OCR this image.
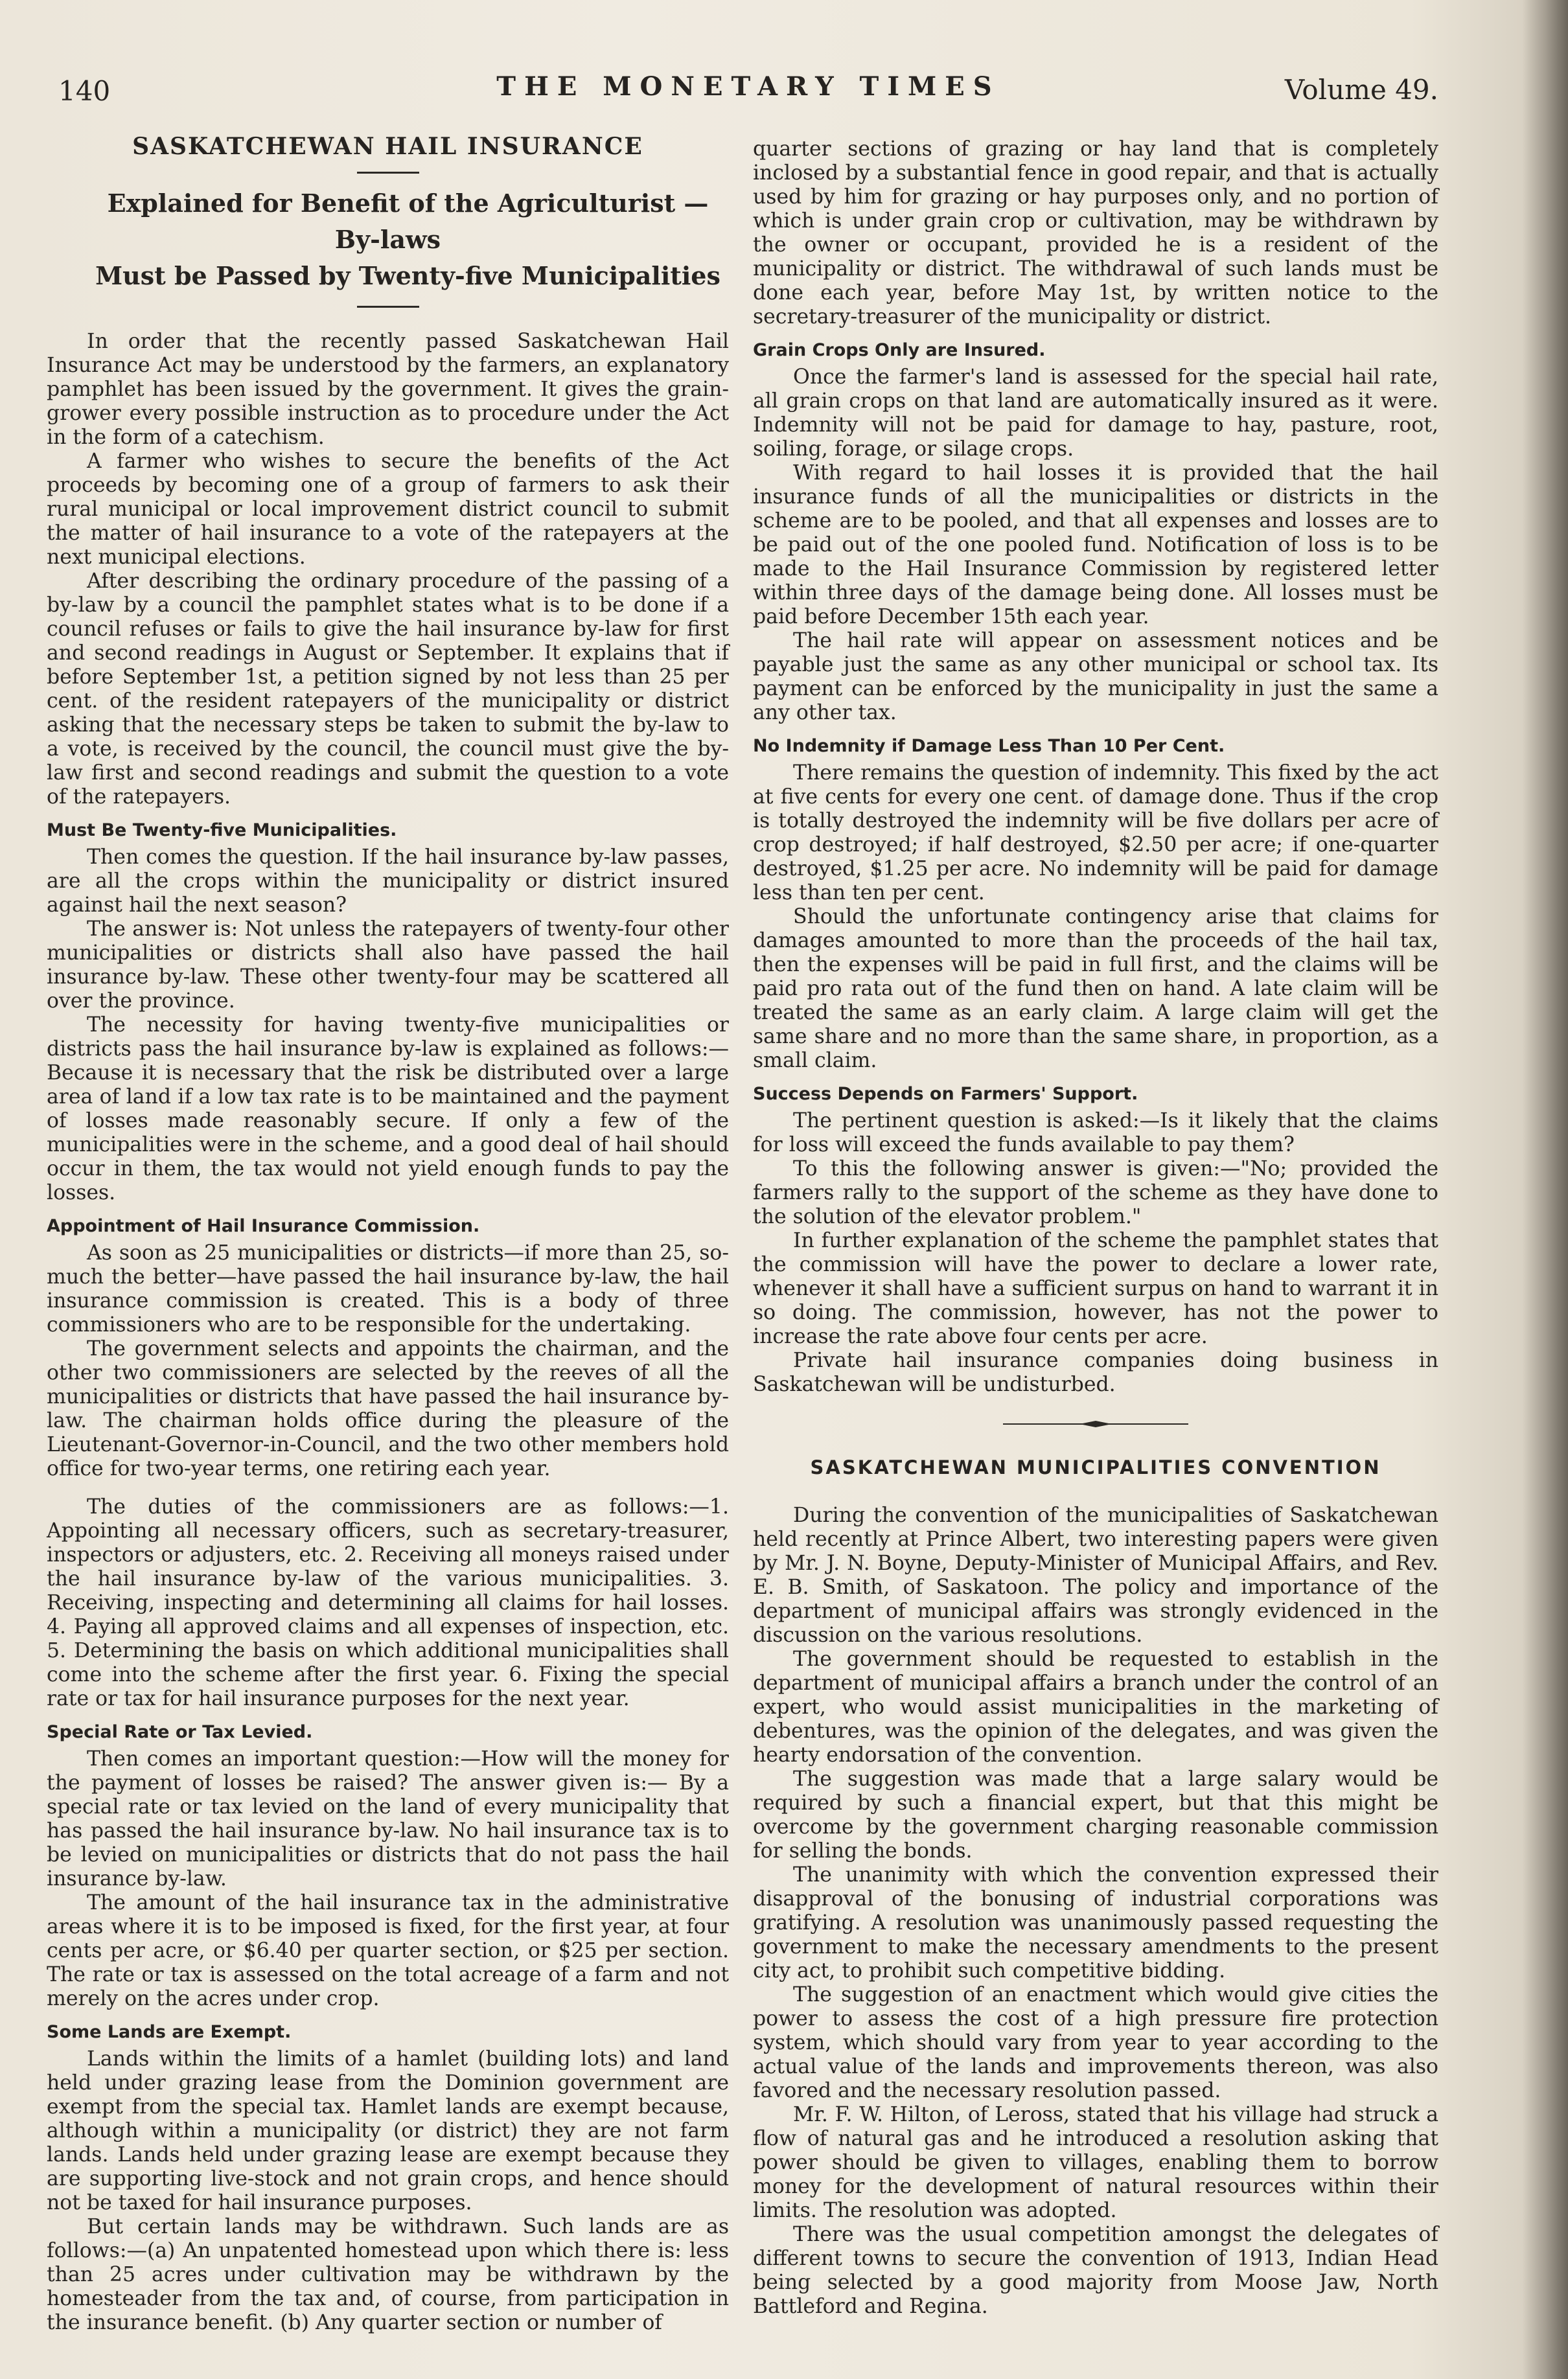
140	THE MONETARY TIMES	Volume 49.
SASKATCHEWAN HAIL INSURANCE

Explained for Benefit of the Agriculturist — By-laws

Must be Passed by Twenty-five Municipalities

In order that the recently passed Saskatchewan Hail Insurance Act may be understood by the farmers, an explanatory pamphlet has been issued by the government. It gives the grain-grower every possible instruction as to procedure under the Act in the form of a catechism.

A farmer who wishes to secure the benefits of the Act proceeds by becoming one of a group of farmers to ask their rural municipal or local improvement district council to submit the matter of hail insurance to a vote of the ratepayers at the next municipal elections.

After describing the ordinary procedure of the passing of a by-law by a council the pamphlet states what is to be done if a council refuses or fails to give the hail insurance by-law for first and second readings in August or September. It explains that if before September 1st, a petition signed by not less than 25 per cent. of the resident ratepayers of the municipality or district asking that the necessary steps be taken to submit the by-law to a vote, is received by the council, the council must give the by-law first and second readings and submit the question to a vote of the ratepayers.

Must Be Twenty-five Municipalities.

Then comes the question. If the hail insurance by-law passes, are all the crops within the municipality or district insured against hail the next season?

The answer is: Not unless the ratepayers of twenty-four other municipalities or districts shall also have passed the hail insurance by-law. These other twenty-four may be scattered all over the province.

The necessity for having twenty-five municipalities or districts pass the hail insurance by-law is explained as follows:— Because it is necessary that the risk be distributed over a large area of land if a low tax rate is to be maintained and the payment of losses made reasonably secure. If only a few of the municipalities were in the scheme, and a good deal of hail should occur in them, the tax would not yield enough funds to pay the losses.

Appointment of Hail Insurance Commission.

As soon as 25 municipalities or districts—if more than 25, so-much the better—have passed the hail insurance by-law, the hail insurance commission is created. This is a body of three commissioners who are to be responsible for the undertaking.

The government selects and appoints the chairman, and the other two commissioners are selected by the reeves of all the municipalities or districts that have passed the hail insurance by-law. The chairman holds office during the pleasure of the Lieutenant-Governor-in-Council, and the two other members hold office for two-year terms, one retiring each year.

The duties of the commissioners are as follows:—1. Appointing all necessary officers, such as secretary-treasurer, inspectors or adjusters, etc. 2. Receiving all moneys raised under the hail insurance by-law of the various municipalities. 3. Receiving, inspecting and determining all claims for hail losses. 4. Paying all approved claims and all expenses of inspection, etc. 5. Determining the basis on which additional municipalities shall come into the scheme after the first year. 6. Fixing the special rate or tax for hail insurance purposes for the next year.

Special Rate or Tax Levied.

Then comes an important question:—How will the money for the payment of losses be raised? The answer given is:— By a special rate or tax levied on the land of every municipality that has passed the hail insurance by-law. No hail insurance tax is to be levied on municipalities or districts that do not pass the hail insurance by-law.

The amount of the hail insurance tax in the administrative areas where it is to be imposed is fixed, for the first year, at four cents per acre, or $6.40 per quarter section, or $25 per section. The rate or tax is assessed on the total acreage of a farm and not merely on the acres under crop.

Some Lands are Exempt.

Lands within the limits of a hamlet (building lots) and land held under grazing lease from the Dominion government are exempt from the special tax. Hamlet lands are exempt because, although within a municipality (or district) they are not farm lands. Lands held under grazing lease are exempt because they are supporting live-stock and not grain crops, and hence should not be taxed for hail insurance purposes.

But certain lands may be withdrawn. Such lands are as follows:—(a) An unpatented homestead upon which there is: less than 25 acres under cultivation may be withdrawn by the homesteader from the tax and, of course, from participation in the insurance benefit. (b) Any quarter section or number of

quarter sections of grazing or hay land that is completely inclosed by a substantial fence in good repair, and that is actually used by him for grazing or hay purposes only, and no portion of which is under grain crop or cultivation, may be withdrawn by the owner or occupant, provided he is a resident of the municipality or district. The withdrawal of such lands must be done each year, before May 1st, by written notice to the secretary-treasurer of the municipality or district.

Grain Crops Only are Insured.

Once the farmer's land is assessed for the special hail rate, all grain crops on that land are automatically insured as it were. Indemnity will not be paid for damage to hay, pasture, root, soiling, forage, or silage crops.

With regard to hail losses it is provided that the hail insurance funds of all the municipalities or districts in the scheme are to be pooled, and that all expenses and losses are to be paid out of the one pooled fund. Notification of loss is to be made to the Hail Insurance Commission by registered letter within three days of the damage being done. All losses must be paid before December 15th each year.

The hail rate will appear on assessment notices and be payable just the same as any other municipal or school tax. Its payment can be enforced by the municipality in just the same a any other tax.

No Indemnity if Damage Less Than 10 Per Cent.

There remains the question of indemnity. This fixed by the act at five cents for every one cent. of damage done. Thus if the crop is totally destroyed the indemnity will be five dollars per acre of crop destroyed; if half destroyed, $2.50 per acre; if one-quarter destroyed, $1.25 per acre. No indemnity will be paid for damage less than ten per cent.

Should the unfortunate contingency arise that claims for damages amounted to more than the proceeds of the hail tax, then the expenses will be paid in full first, and the claims will be paid pro rata out of the fund then on hand. A late claim will be treated the same as an early claim. A large claim will get the same share and no more than the same share, in proportion, as a small claim.

Success Depends on Farmers' Support.

The pertinent question is asked:—Is it likely that the claims for loss will exceed the funds available to pay them?

To this the following answer is given:—"No; provided the farmers rally to the support of the scheme as they have done to the solution of the elevator problem."

In further explanation of the scheme the pamphlet states that the commission will have the power to declare a lower rate, whenever it shall have a sufficient surpus on hand to warrant it in so doing. The commission, however, has not the power to increase the rate above four cents per acre.

Private hail insurance companies doing business in Saskatchewan will be undisturbed.

SASKATCHEWAN MUNICIPALITIES CONVENTION

During the convention of the municipalities of Saskatchewan held recently at Prince Albert, two interesting papers were given by Mr. J. N. Boyne, Deputy-Minister of Municipal Affairs, and Rev. E. B. Smith, of Saskatoon. The policy and importance of the department of municipal affairs was strongly evidenced in the discussion on the various resolutions.

The government should be requested to establish in the department of municipal affairs a branch under the control of an expert, who would assist municipalities in the marketing of debentures, was the opinion of the delegates, and was given the hearty endorsation of the convention.

The suggestion was made that a large salary would be required by such a financial expert, but that this might be overcome by the government charging reasonable commission for selling the bonds.

The unanimity with which the convention expressed their disapproval of the bonusing of industrial corporations was gratifying. A resolution was unanimously passed requesting the government to make the necessary amendments to the present city act, to prohibit such competitive bidding.

The suggestion of an enactment which would give cities the power to assess the cost of a high pressure fire protection system, which should vary from year to year according to the actual value of the lands and improvements thereon, was also favored and the necessary resolution passed.

Mr. F. W. Hilton, of Leross, stated that his village had struck a flow of natural gas and he introduced a resolution asking that power should be given to villages, enabling them to borrow money for the development of natural resources within their limits. The resolution was adopted.

There was the usual competition amongst the delegates of different towns to secure the convention of 1913, Indian Head being selected by a good majority from Moose Jaw, North Battleford and Regina.
